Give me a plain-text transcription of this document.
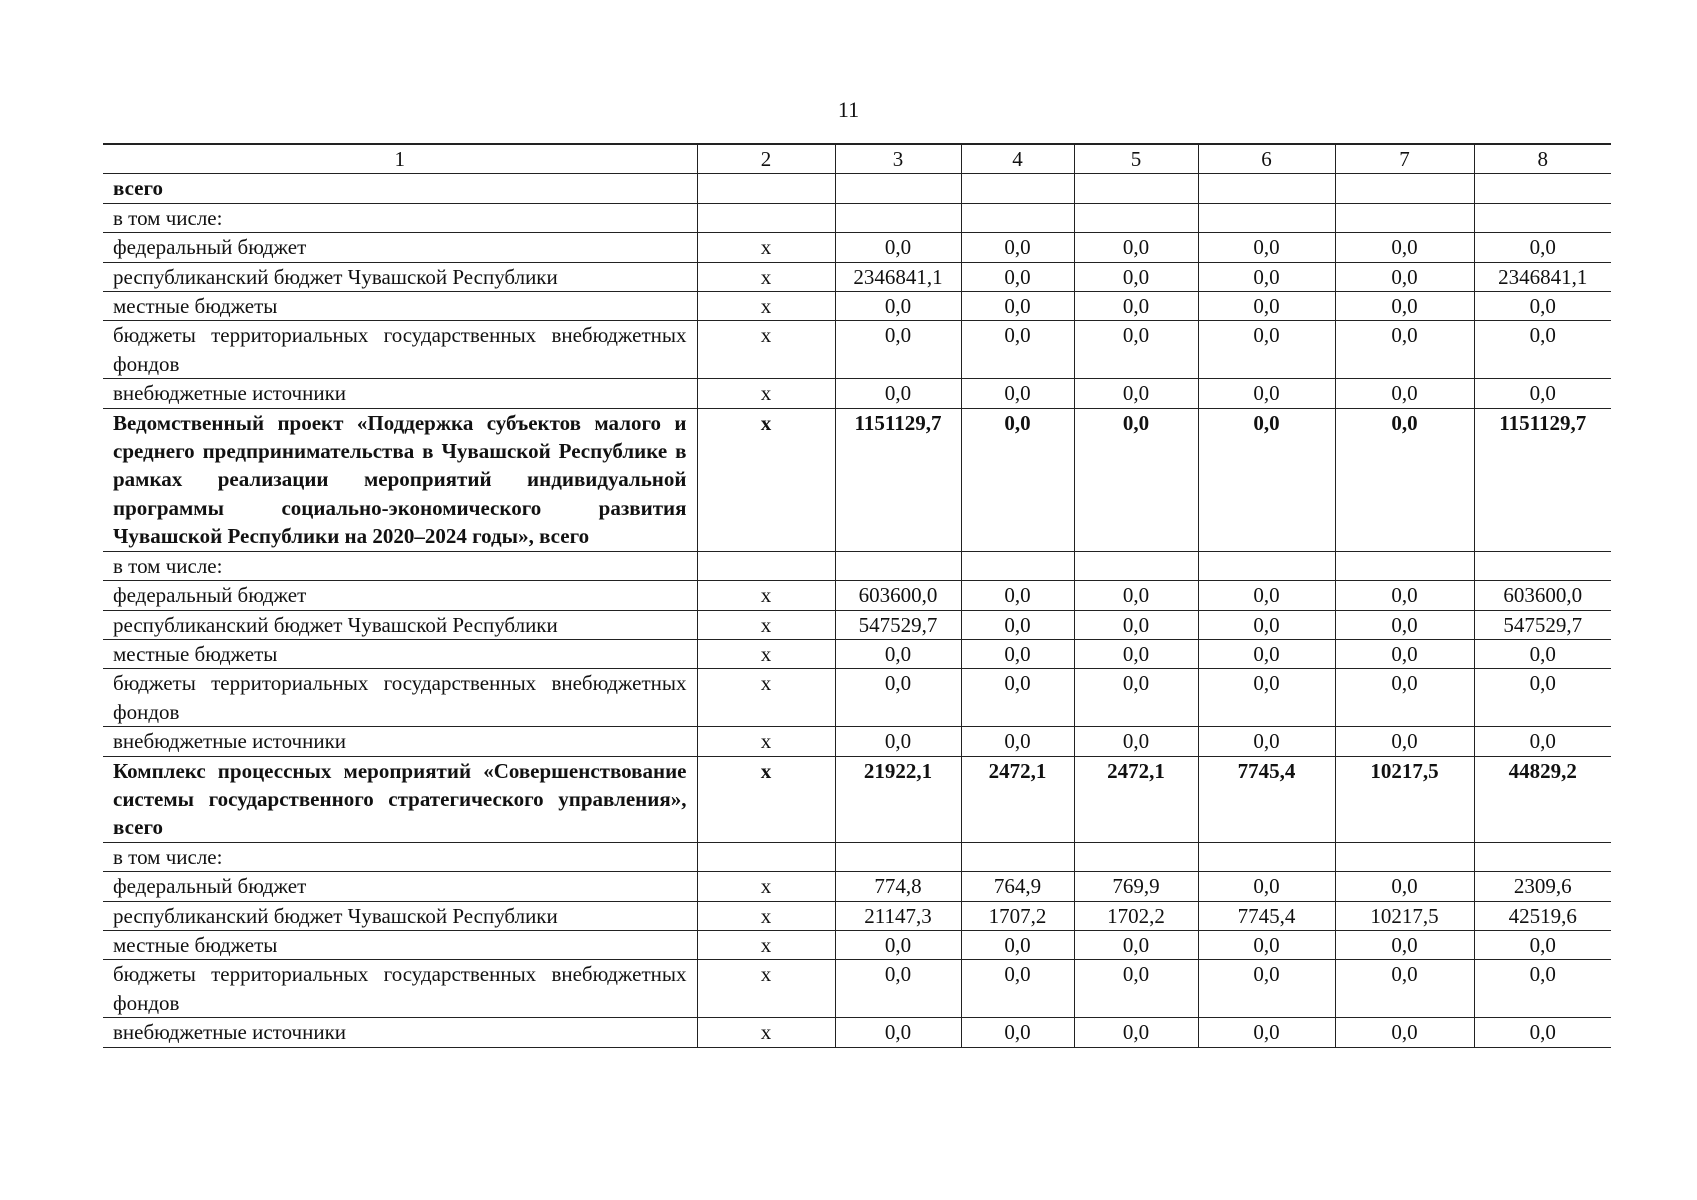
11
1	2	3	4	5	6	7	8
всего							
в том числе:							
федеральный бюджет	х	0,0	0,0	0,0	0,0	0,0	0,0
республиканский бюджет Чувашской Республики	х	2346841,1	0,0	0,0	0,0	0,0	2346841,1
местные бюджеты	х	0,0	0,0	0,0	0,0	0,0	0,0
бюджеты территориальных государственных внебюджетных фондов	х	0,0	0,0	0,0	0,0	0,0	0,0
внебюджетные источники	х	0,0	0,0	0,0	0,0	0,0	0,0
Ведомственный проект «Поддержка субъектов малого и среднего предпринимательства в Чувашской Республике в рамках реализации мероприятий индивидуальной программы социально-экономического развития Чувашской Республики на 2020–2024 годы», всего	х	1151129,7	0,0	0,0	0,0	0,0	1151129,7
в том числе:							
федеральный бюджет	х	603600,0	0,0	0,0	0,0	0,0	603600,0
республиканский бюджет Чувашской Республики	х	547529,7	0,0	0,0	0,0	0,0	547529,7
местные бюджеты	х	0,0	0,0	0,0	0,0	0,0	0,0
бюджеты территориальных государственных внебюджетных фондов	х	0,0	0,0	0,0	0,0	0,0	0,0
внебюджетные источники	х	0,0	0,0	0,0	0,0	0,0	0,0
Комплекс процессных мероприятий «Совершенствование системы государственного стратегического управления», всего	х	21922,1	2472,1	2472,1	7745,4	10217,5	44829,2
в том числе:							
федеральный бюджет	х	774,8	764,9	769,9	0,0	0,0	2309,6
республиканский бюджет Чувашской Республики	х	21147,3	1707,2	1702,2	7745,4	10217,5	42519,6
местные бюджеты	х	0,0	0,0	0,0	0,0	0,0	0,0
бюджеты территориальных государственных внебюджетных фондов	х	0,0	0,0	0,0	0,0	0,0	0,0
внебюджетные источники	х	0,0	0,0	0,0	0,0	0,0	0,0
